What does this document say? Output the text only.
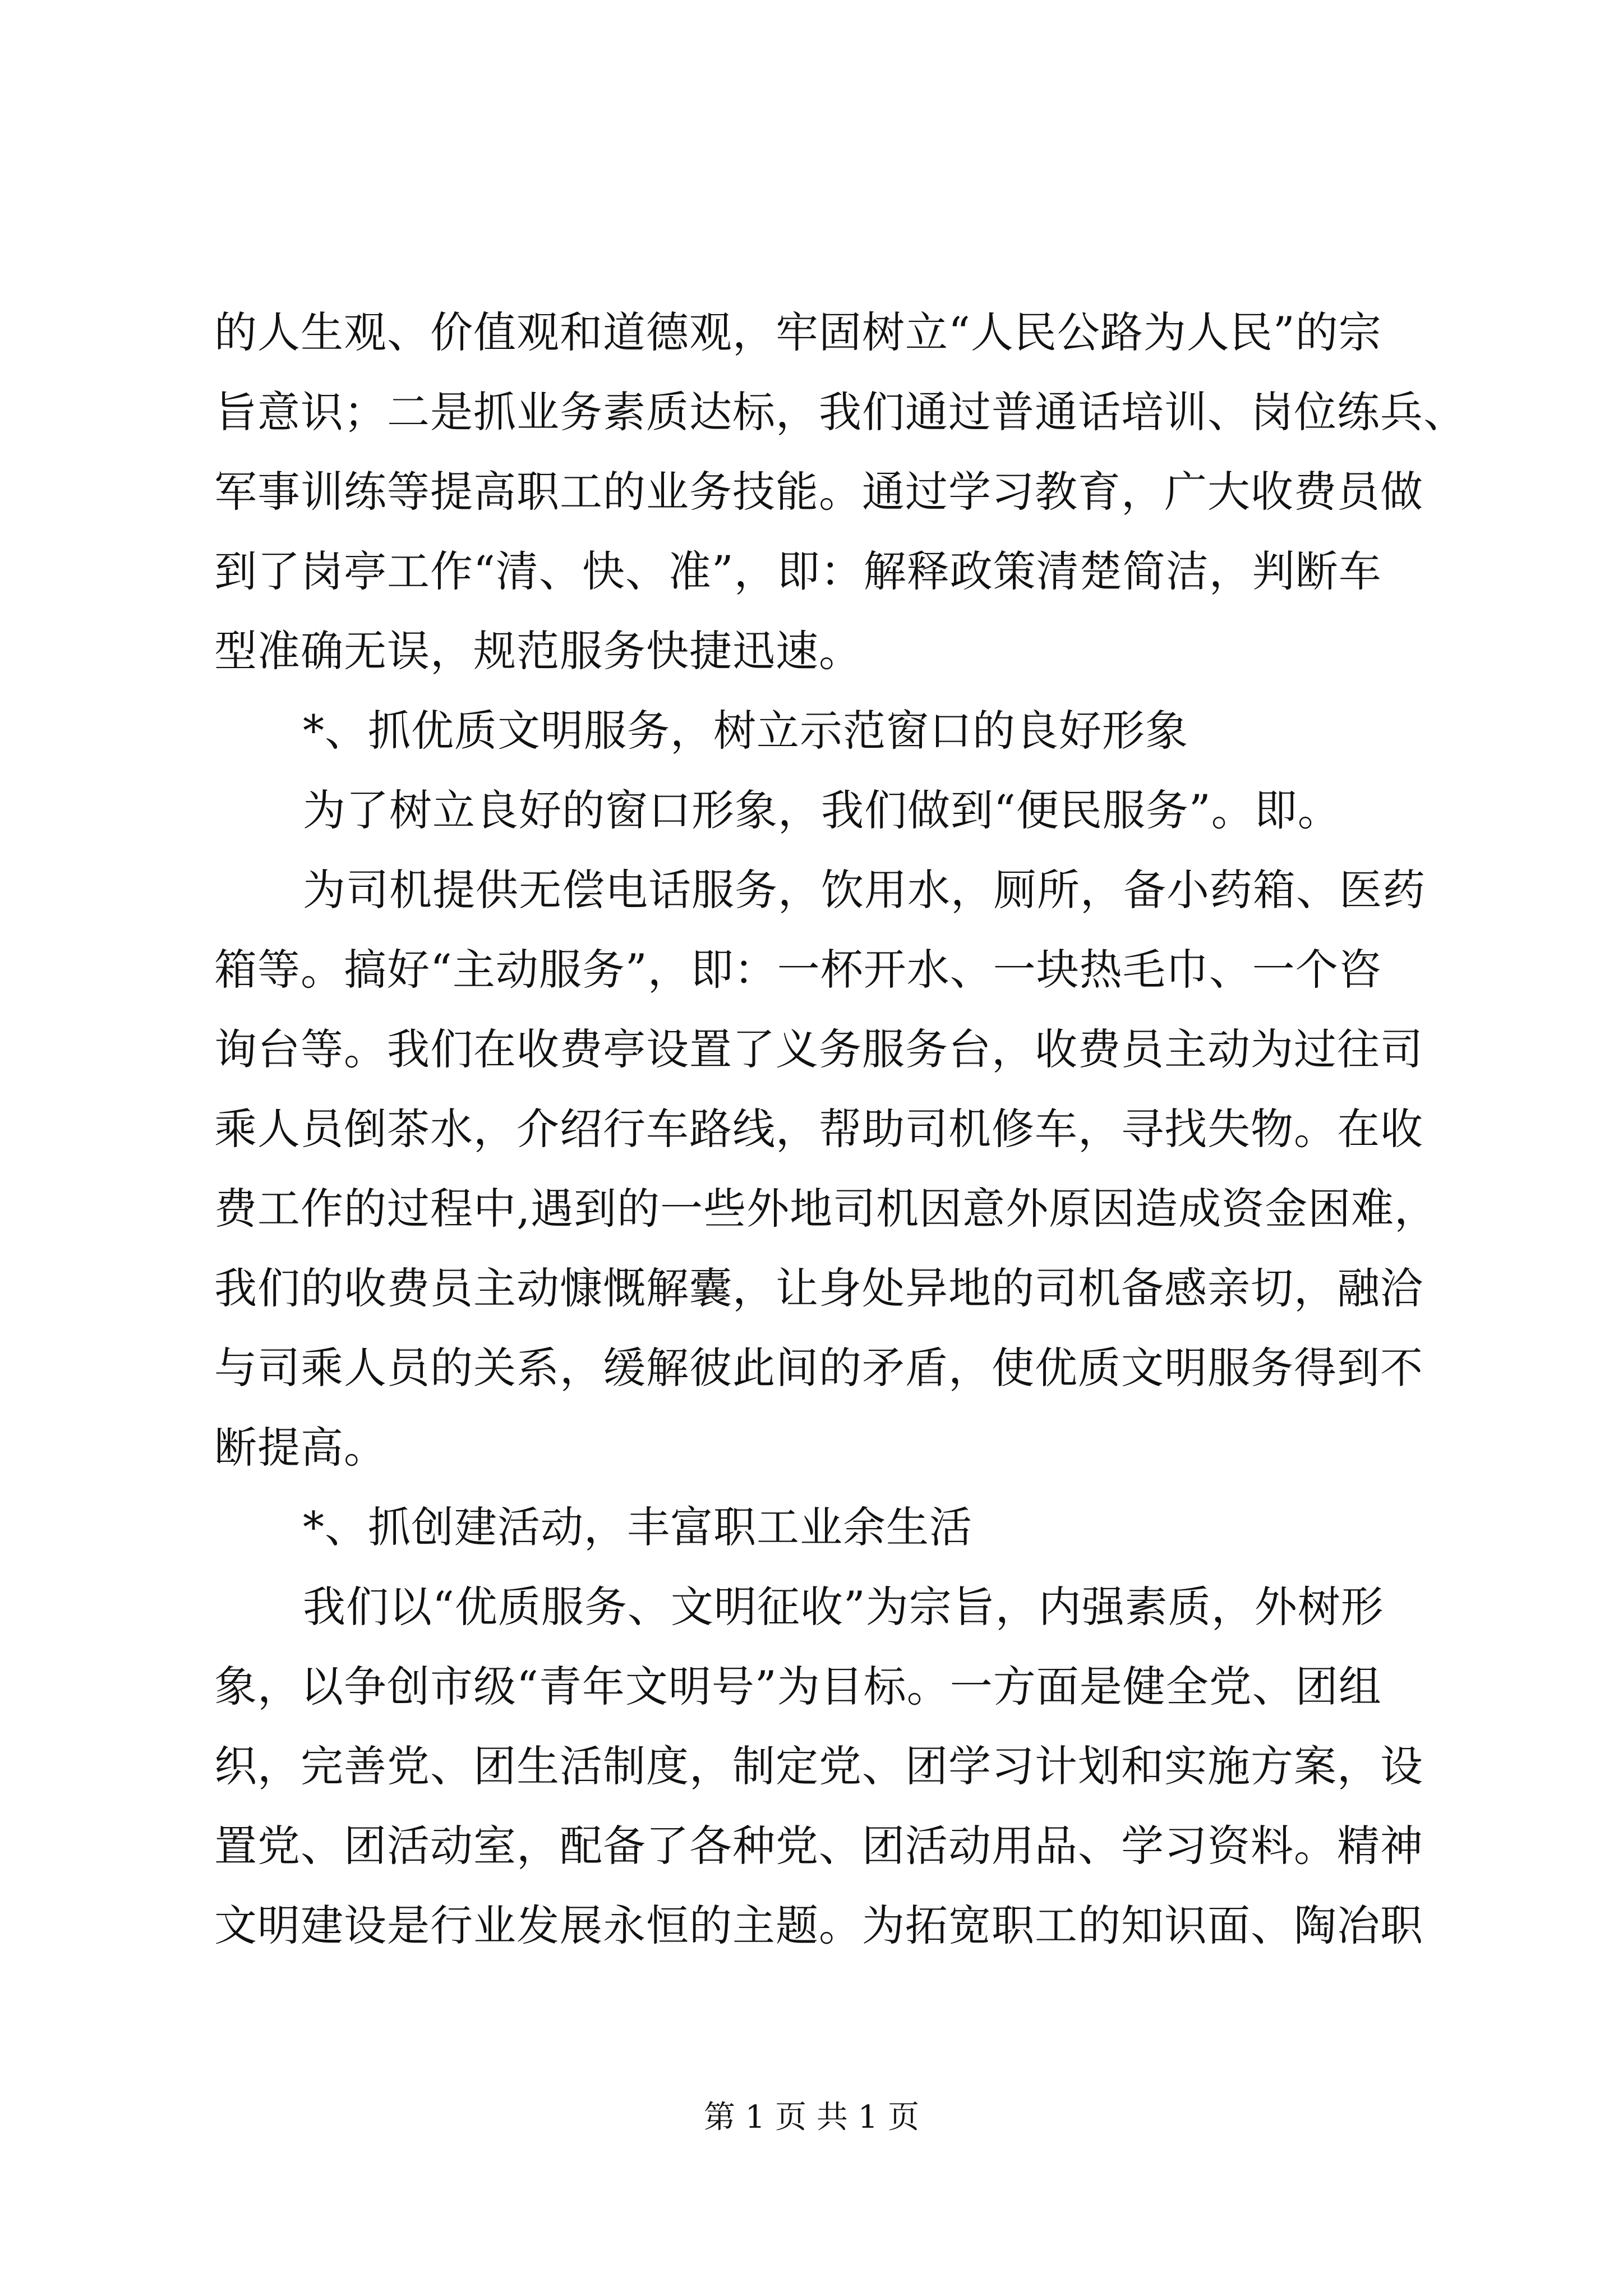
的人生观、价值观和道德观，牢固树立“人民公路为人民”的宗
旨意识；二是抓业务素质达标，我们通过普通话培训、岗位练兵、
军事训练等提高职工的业务技能。通过学习教育，广大收费员做
到了岗亭工作“清、快、准”，即：解释政策清楚简洁，判断车
型准确无误，规范服务快捷迅速。
*、抓优质文明服务，树立示范窗口的良好形象
为了树立良好的窗口形象，我们做到“便民服务”。即。
为司机提供无偿电话服务，饮用水，厕所，备小药箱、医药
箱等。搞好“主动服务”，即：一杯开水、一块热毛巾、一个咨
询台等。我们在收费亭设置了义务服务台，收费员主动为过往司
乘人员倒茶水，介绍行车路线，帮助司机修车，寻找失物。在收
费工作的过程中,遇到的一些外地司机因意外原因造成资金困难，
我们的收费员主动慷慨解囊，让身处异地的司机备感亲切，融洽
与司乘人员的关系，缓解彼此间的矛盾，使优质文明服务得到不
断提高。
*、抓创建活动，丰富职工业余生活
我们以“优质服务、文明征收”为宗旨，内强素质，外树形
象，以争创市级“青年文明号”为目标。一方面是健全党、团组
织，完善党、团生活制度，制定党、团学习计划和实施方案，设
置党、团活动室，配备了各种党、团活动用品、学习资料。精神
文明建设是行业发展永恒的主题。为拓宽职工的知识面、陶冶职
第 1 页 共 1 页
